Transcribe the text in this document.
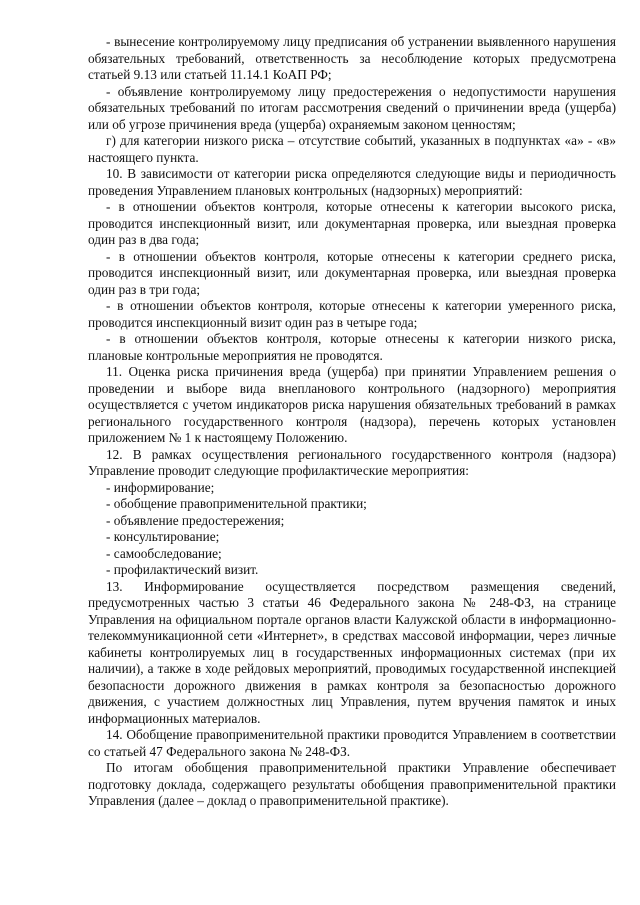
- вынесение контролируемому лицу предписания об устранении выявленного нарушения обязательных требований, ответственность за несоблюдение которых предусмотрена статьей 9.13 или статьей 11.14.1 КоАП РФ;

- объявление контролируемому лицу предостережения о недопустимости нарушения обязательных требований по итогам рассмотрения сведений о причинении вреда (ущерба) или об угрозе причинения вреда (ущерба) охраняемым законом ценностям;

г) для категории низкого риска – отсутствие событий, указанных в подпунктах «а» - «в» настоящего пункта.

10. В зависимости от категории риска определяются следующие виды и периодичность проведения Управлением плановых контрольных (надзорных) мероприятий:

- в отношении объектов контроля, которые отнесены к категории высокого риска, проводится инспекционный визит, или документарная проверка, или выездная проверка один раз в два года;

- в отношении объектов контроля, которые отнесены к категории среднего риска, проводится инспекционный визит, или документарная проверка, или выездная проверка один раз в три года;

- в отношении объектов контроля, которые отнесены к категории умеренного риска, проводится инспекционный визит один раз в четыре года;

- в отношении объектов контроля, которые отнесены к категории низкого риска, плановые контрольные мероприятия не проводятся.

11. Оценка риска причинения вреда (ущерба) при принятии Управлением решения о проведении и выборе вида внепланового контрольного (надзорного) мероприятия осуществляется с учетом индикаторов риска нарушения обязательных требований в рамках регионального государственного контроля (надзора), перечень которых установлен приложением № 1 к настоящему Положению.

12. В рамках осуществления регионального государственного контроля (надзора) Управление проводит следующие профилактические мероприятия:

- информирование;

- обобщение правоприменительной практики;

- объявление предостережения;

- консультирование;

- самообследование;

- профилактический визит.

13. Информирование осуществляется посредством размещения сведений, предусмотренных частью 3 статьи 46 Федерального закона № 248-ФЗ, на странице Управления на официальном портале органов власти Калужской области в информационно-телекоммуникационной сети «Интернет», в средствах массовой информации, через личные кабинеты контролируемых лиц в государственных информационных системах (при их наличии), а также в ходе рейдовых мероприятий, проводимых государственной инспекцией безопасности дорожного движения в рамках контроля за безопасностью дорожного движения, с участием должностных лиц Управления, путем вручения памяток и иных информационных материалов.

14. Обобщение правоприменительной практики проводится Управлением в соответствии со статьей 47 Федерального закона № 248-ФЗ.

По итогам обобщения правоприменительной практики Управление обеспечивает подготовку доклада, содержащего результаты обобщения правоприменительной практики Управления (далее – доклад о правоприменительной практике).
